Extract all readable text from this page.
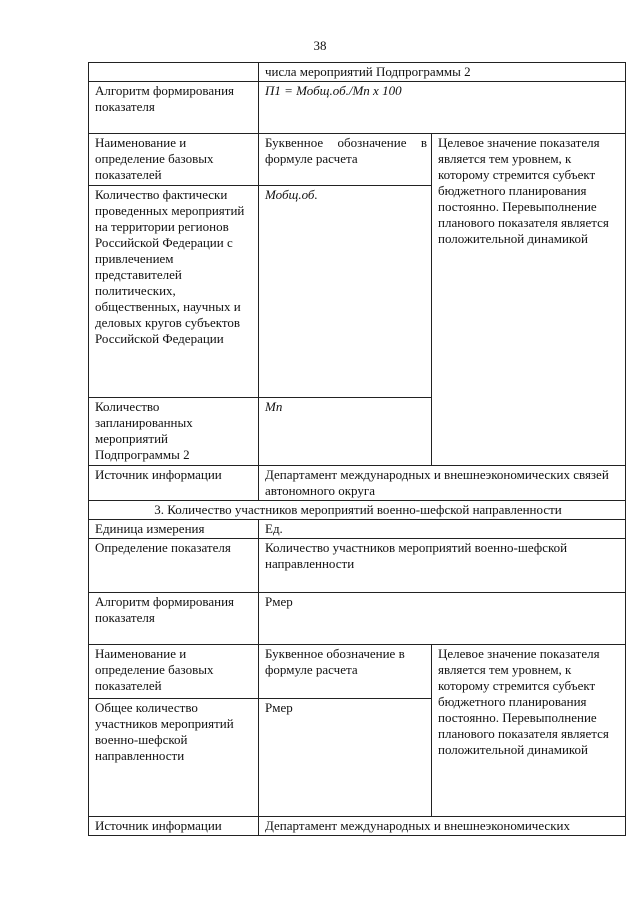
38
	числа мероприятий Подпрограммы 2	
Алгоритм формирования показателя	П1 = Мобщ.об./Мп x 100	
Наименование и определение базовых показателей	Буквенное обозначение в формуле расчета	Целевое значение показателя является тем уровнем, к которому стремится субъект бюджетного планирования постоянно. Перевыполнение планового показателя является положительной динамикой
Количество фактически проведенных мероприятий на территории регионов Российской Федерации с привлечением представителей политических, общественных, научных и деловых кругов субъектов Российской Федерации	Мобщ.об.	
Количество запланированных мероприятий Подпрограммы 2	Мп	
Источник информации	Департамент международных и внешнеэкономических связей автономного округа	
3. Количество участников мероприятий военно-шефской направленности		
Единица измерения	Ед.	
Определение показателя	Количество участников мероприятий военно-шефской направленности	
Алгоритм формирования показателя	Рмер	
Наименование и определение базовых показателей	Буквенное обозначение в формуле расчета	Целевое значение показателя является тем уровнем, к которому стремится субъект бюджетного планирования постоянно. Перевыполнение планового показателя является положительной динамикой
Общее количество участников мероприятий военно-шефской направленности	Рмер	
Источник информации	Департамент международных и внешнеэкономических	
